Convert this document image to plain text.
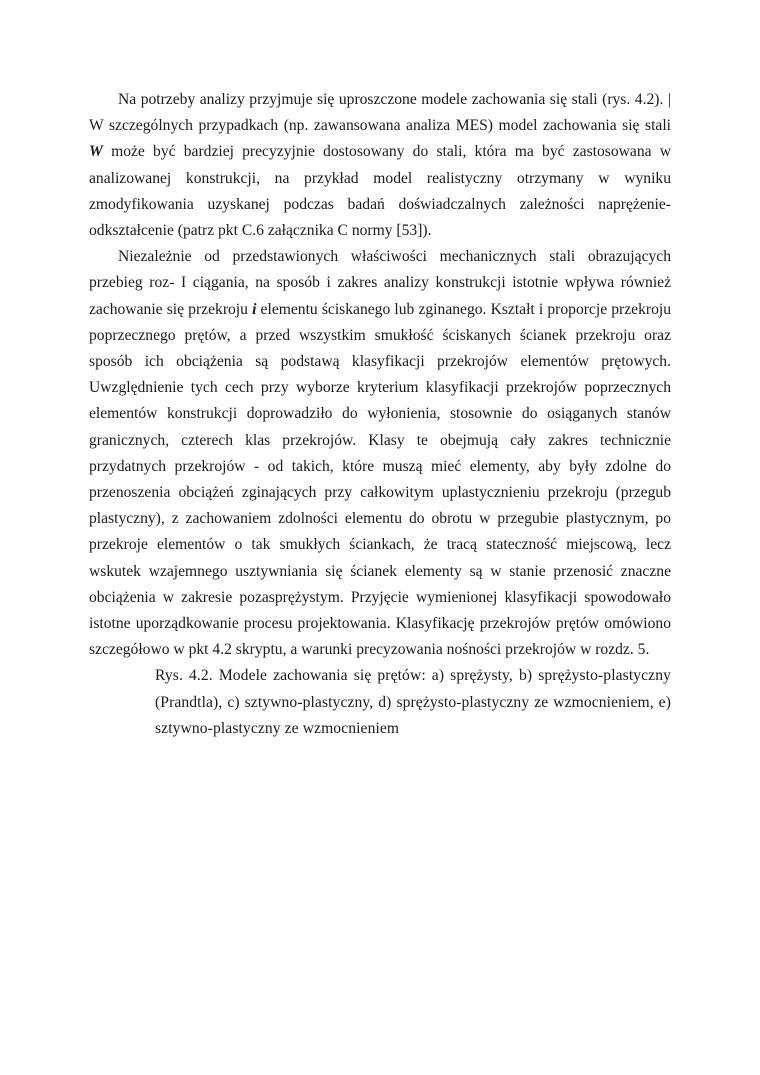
Na potrzeby analizy przyjmuje się uproszczone modele zachowania się stali (rys. 4.2). | W szczególnych przypadkach (np. zawansowana analiza MES) model zachowania się stali W może być bardziej precyzyjnie dostosowany do stali, która ma być zastosowana w analizowanej konstrukcji, na przykład model realistyczny otrzymany w wyniku zmodyfikowania uzyskanej podczas badań doświadczalnych zależności naprężenie-odkształcenie (patrz pkt C.6 załącznika C normy [53]).

Niezależnie od przedstawionych właściwości mechanicznych stali obrazujących przebieg roz- I ciągania, na sposób i zakres analizy konstrukcji istotnie wpływa również zachowanie się przekroju i elementu ściskanego lub zginanego. Kształt i proporcje przekroju poprzecznego prętów, a przed wszystkim smukłość ściskanych ścianek przekroju oraz sposób ich obciążenia są podstawą klasyfikacji przekrojów elementów prętowych. Uwzględnienie tych cech przy wyborze kryterium klasyfikacji przekrojów poprzecznych elementów konstrukcji doprowadziło do wyłonienia, stosownie do osiąganych stanów granicznych, czterech klas przekrojów. Klasy te obejmują cały zakres technicznie przydatnych przekrojów - od takich, które muszą mieć elementy, aby były zdolne do przenoszenia obciążeń zginających przy całkowitym uplastycznieniu przekroju (przegub plastyczny), z zachowaniem zdolności elementu do obrotu w przegubie plastycznym, po przekroje elementów o tak smukłych ściankach, że tracą stateczność miejscową, lecz wskutek wzajemnego usztywniania się ścianek elementy są w stanie przenosić znaczne obciążenia w zakresie pozasprężystym. Przyjęcie wymienionej klasyfikacji spowodowało istotne uporządkowanie procesu projektowania. Klasyfikację przekrojów prętów omówiono szczegółowo w pkt 4.2 skryptu, a warunki precyzowania nośności przekrojów w rozdz. 5.

Rys. 4.2. Modele zachowania się prętów: a) sprężysty, b) sprężysto-plastyczny (Prandtla), c) sztywno-plastyczny, d) sprężysto-plastyczny ze wzmocnieniem, e) sztywno-plastyczny ze wzmocnieniem
